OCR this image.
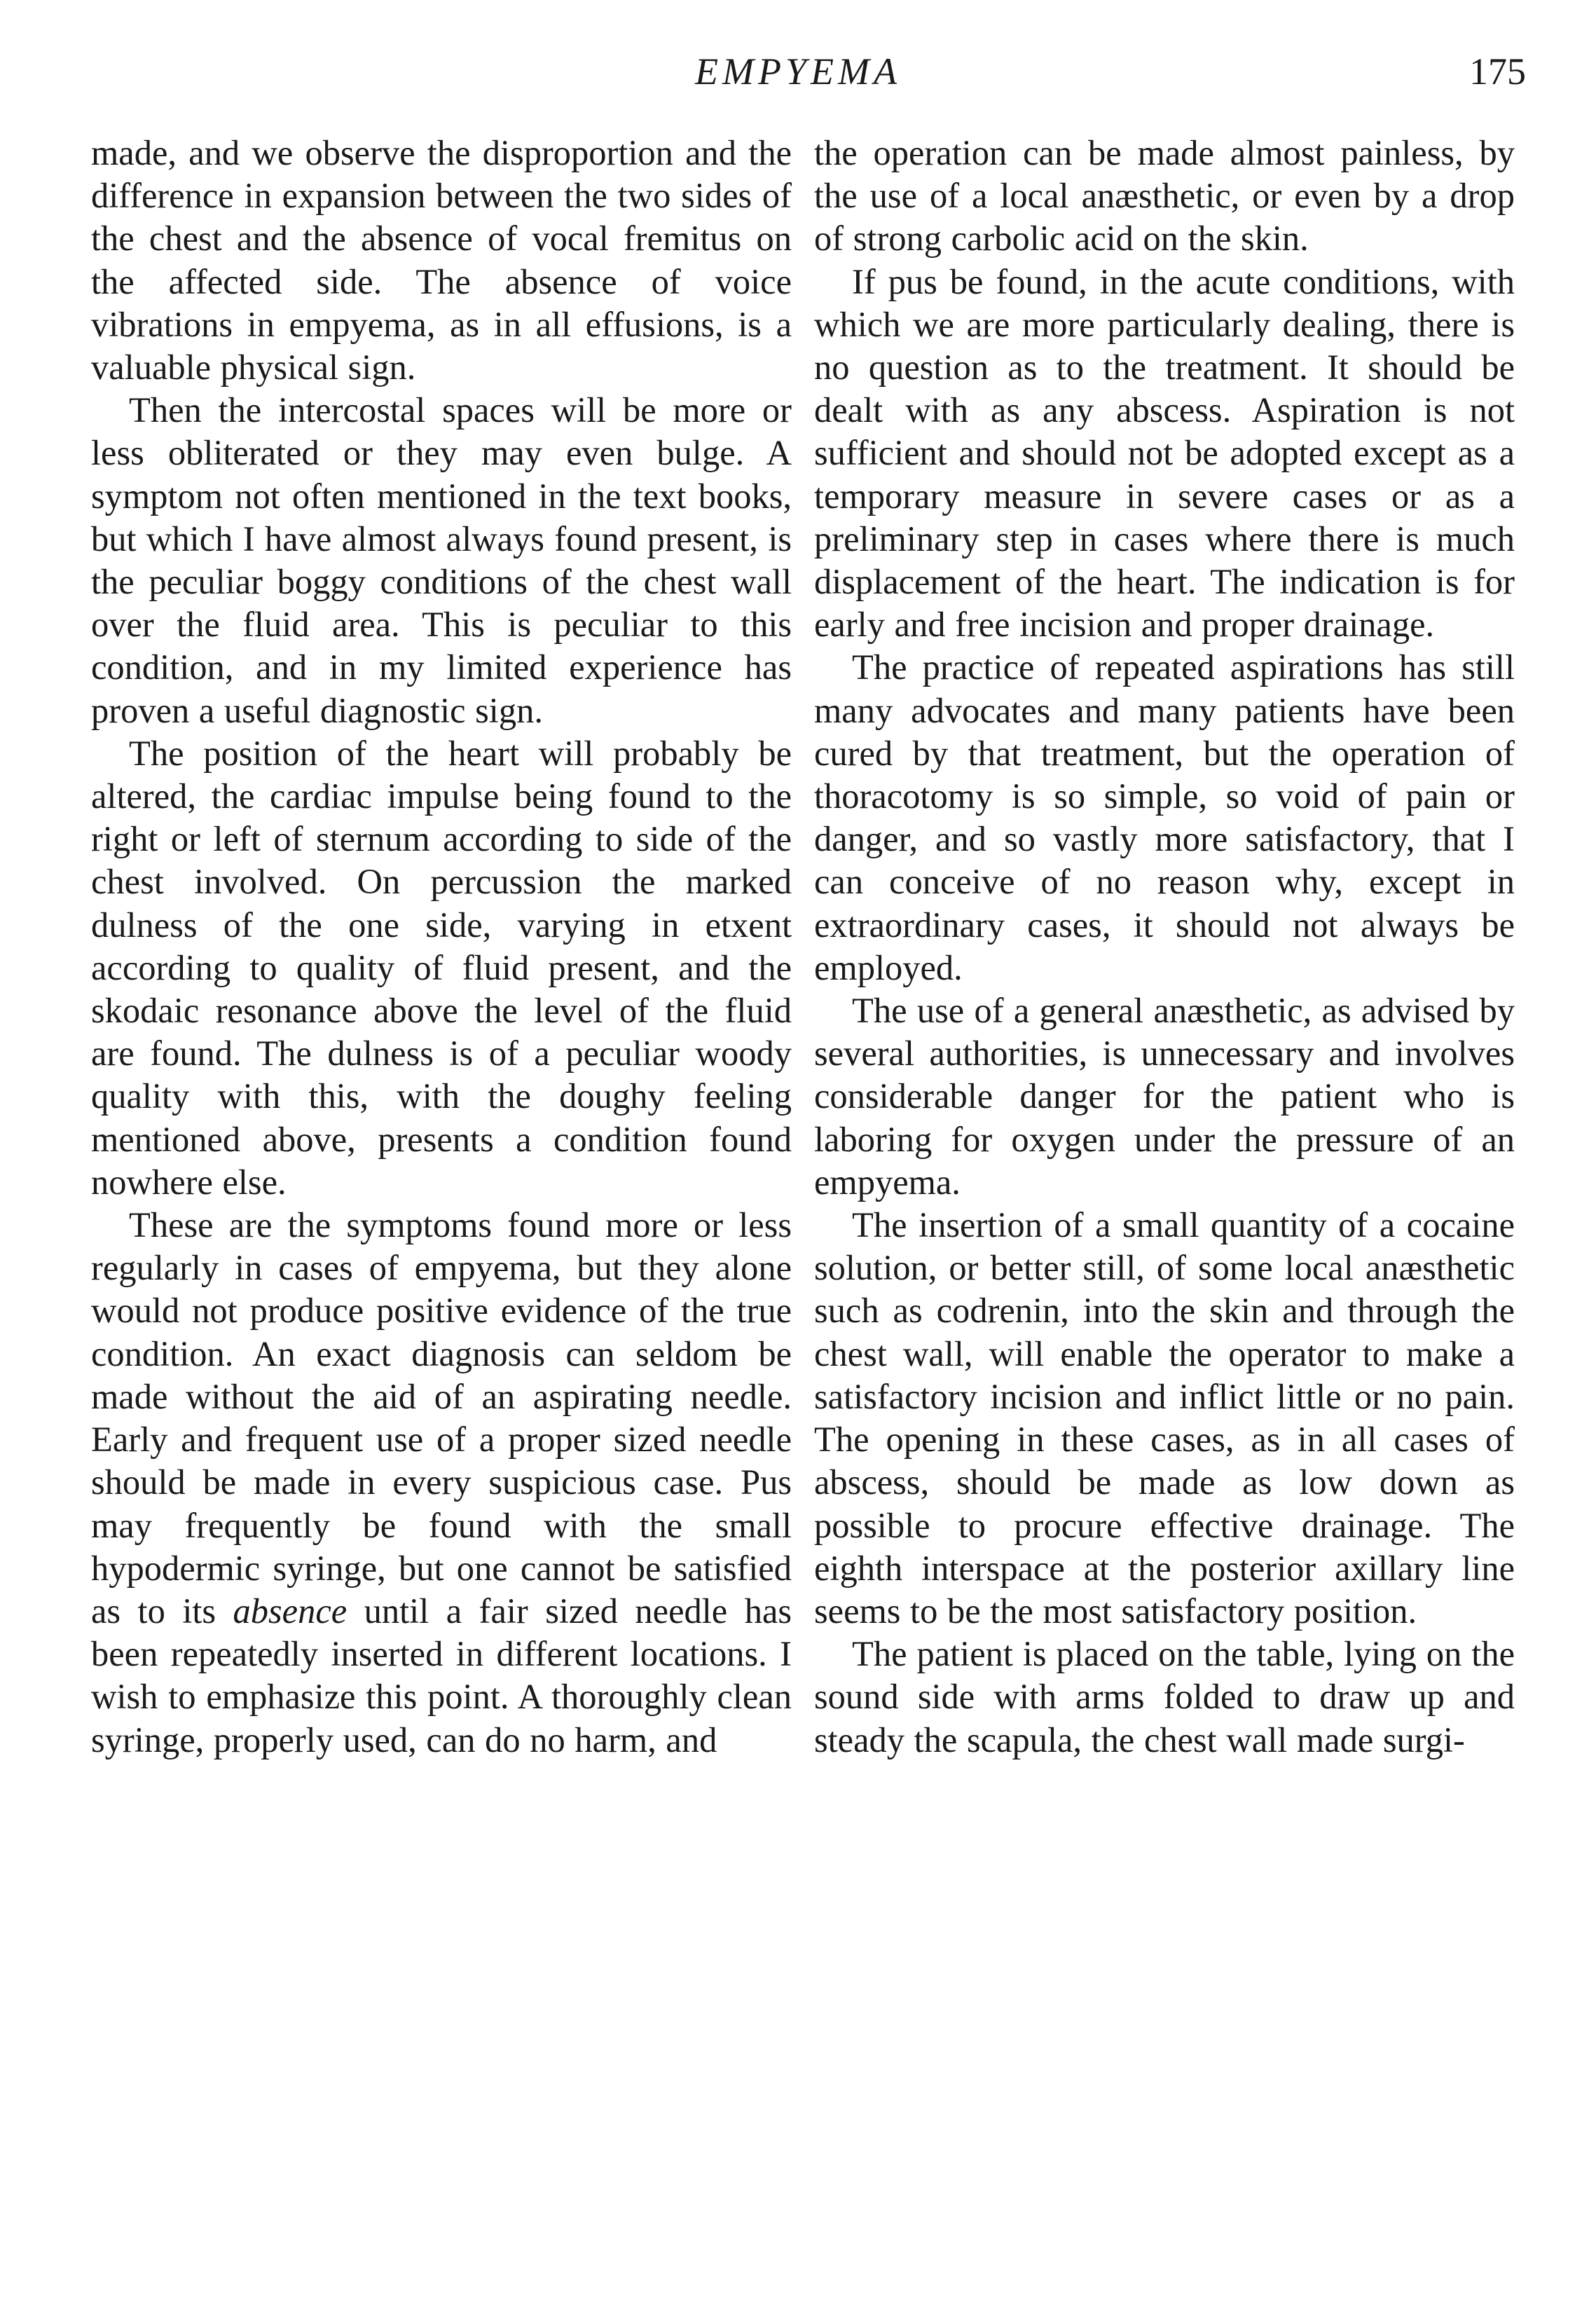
EMPYEMA	175

made, and we observe the disproportion and the difference in expansion between the two sides of the chest and the absence of vocal fremitus on the affected side. The absence of voice vibrations in empyema, as in all effusions, is a valuable physical sign.

Then the intercostal spaces will be more or less obliterated or they may even bulge. A symptom not often mentioned in the text books, but which I have almost always found present, is the peculiar boggy conditions of the chest wall over the fluid area. This is peculiar to this condition, and in my limited experience has proven a useful diagnostic sign.

The position of the heart will probably be altered, the cardiac impulse being found to the right or left of sternum according to side of the chest involved. On percussion the marked dulness of the one side, varying in etxent according to quality of fluid present, and the skodaic resonance above the level of the fluid are found. The dulness is of a peculiar woody quality with this, with the doughy feeling mentioned above, presents a condition found nowhere else.

These are the symptoms found more or less regularly in cases of empyema, but they alone would not produce positive evidence of the true condition. An exact diagnosis can seldom be made without the aid of an aspirating needle. Early and frequent use of a proper sized needle should be made in every suspicious case. Pus may frequently be found with the small hypodermic syringe, but one cannot be satisfied as to its absence until a fair sized needle has been repeatedly inserted in different locations. I wish to emphasize this point. A thoroughly clean syringe, properly used, can do no harm, and

the operation can be made almost painless, by the use of a local anæsthetic, or even by a drop of strong carbolic acid on the skin.

If pus be found, in the acute conditions, with which we are more particularly dealing, there is no question as to the treatment. It should be dealt with as any abscess. Aspiration is not sufficient and should not be adopted except as a temporary measure in severe cases or as a preliminary step in cases where there is much displacement of the heart. The indication is for early and free incision and proper drainage.

The practice of repeated aspirations has still many advocates and many patients have been cured by that treatment, but the operation of thoracotomy is so simple, so void of pain or danger, and so vastly more satisfactory, that I can conceive of no reason why, except in extraordinary cases, it should not always be employed.

The use of a general anæsthetic, as advised by several authorities, is unnecessary and involves considerable danger for the patient who is laboring for oxygen under the pressure of an empyema.

The insertion of a small quantity of a cocaine solution, or better still, of some local anæsthetic such as codrenin, into the skin and through the chest wall, will enable the operator to make a satisfactory incision and inflict little or no pain. The opening in these cases, as in all cases of abscess, should be made as low down as possible to procure effective drainage. The eighth interspace at the posterior axillary line seems to be the most satisfactory position.

The patient is placed on the table, lying on the sound side with arms folded to draw up and steady the scapula, the chest wall made surgi-
